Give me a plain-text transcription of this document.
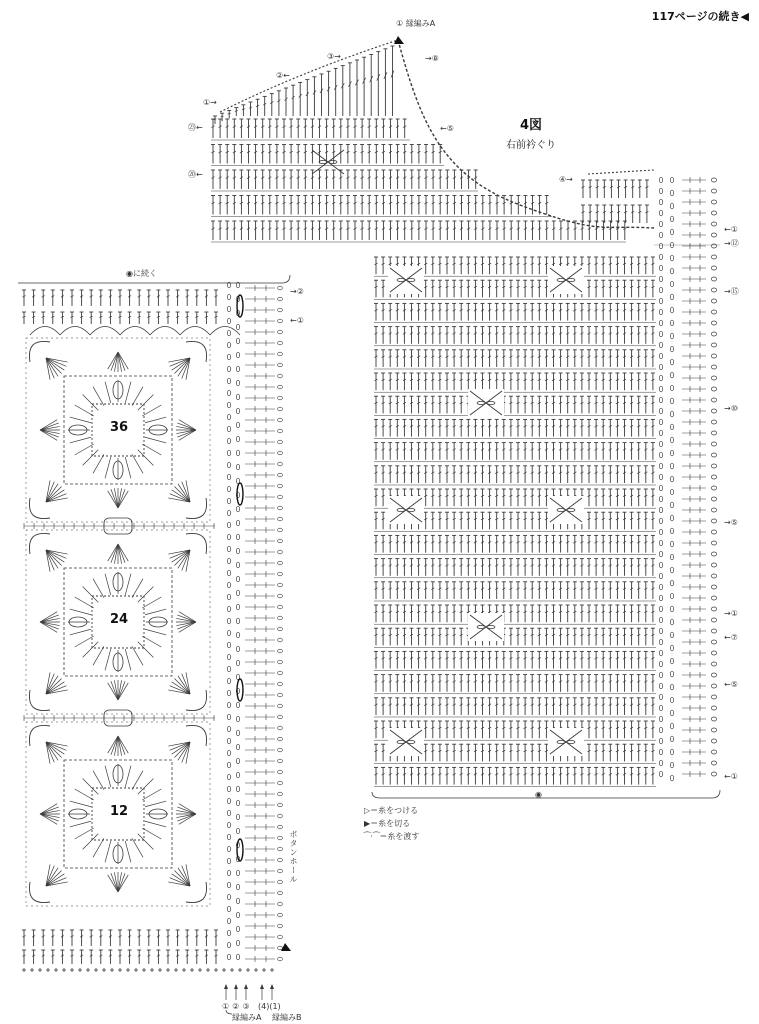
117ページの続き◀
4図
右前衿ぐり
① 縁編みA
→⑧
③→
②←
①→
㉓←
⑳←
←⑤
④→
←①
→⑫
→⑮
→⑩
→⑤
→①
←⑦
←⑤
←①
◉に続く
→②
←①
36
24
12
ボタンホール
◉
①②③ (4)(1)
縁編みA 縁編みB
▷＝糸をつける
▶＝糸を切る
⁀·⁀＝糸を渡す
